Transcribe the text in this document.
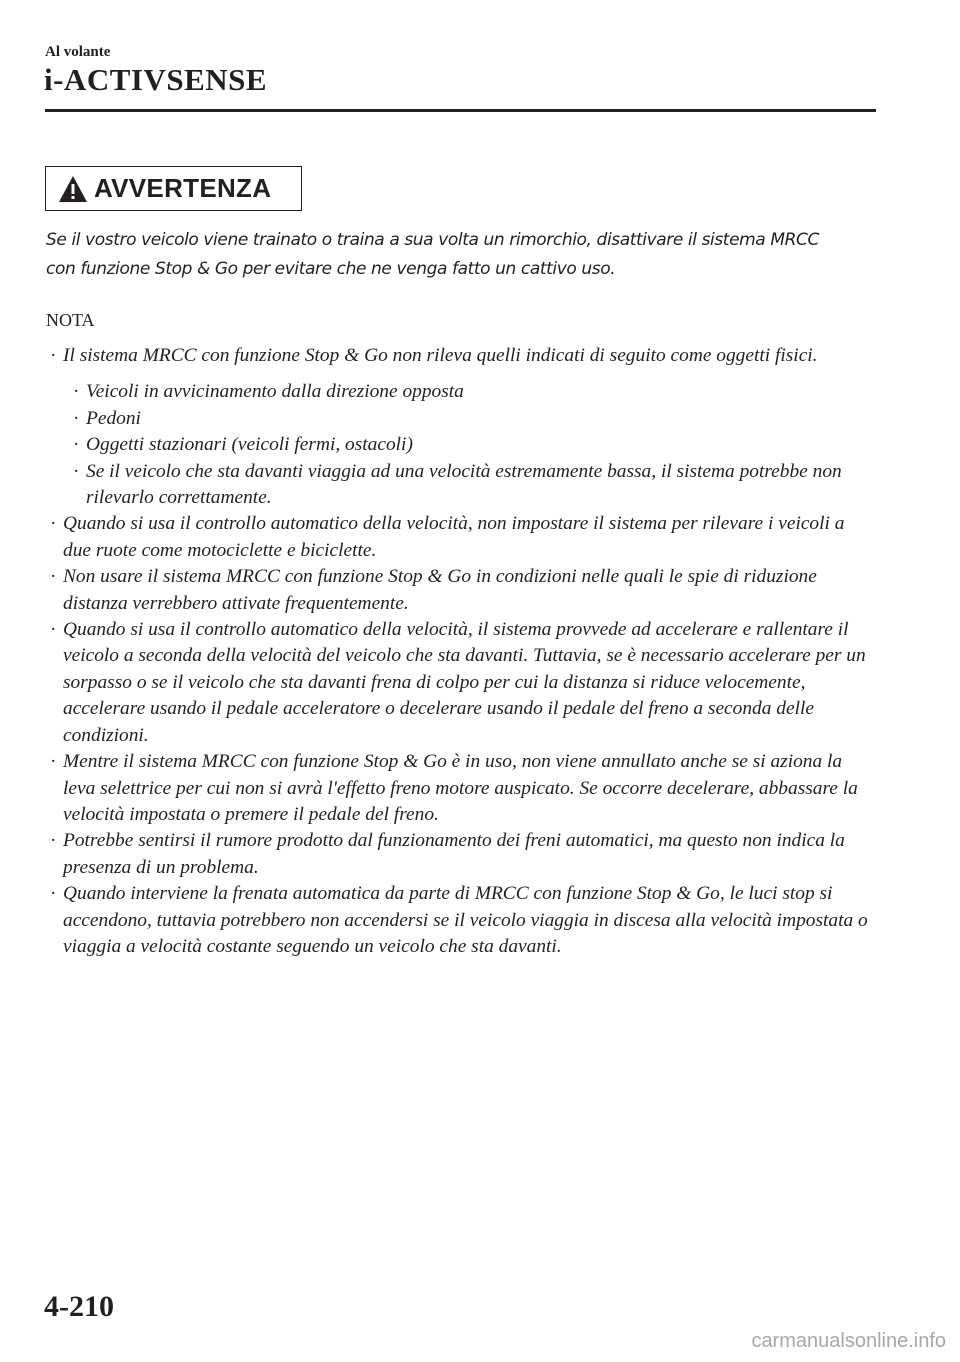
Al volante
i-ACTIVSENSE
AVVERTENZA
Se il vostro veicolo viene trainato o traina a sua volta un rimorchio, disattivare il sistema MRCC con funzione Stop & Go per evitare che ne venga fatto un cattivo uso.
NOTA
· Il sistema MRCC con funzione Stop & Go non rileva quelli indicati di seguito come oggetti fisici.
· Veicoli in avvicinamento dalla direzione opposta
· Pedoni
· Oggetti stazionari (veicoli fermi, ostacoli)
· Se il veicolo che sta davanti viaggia ad una velocità estremamente bassa, il sistema potrebbe non rilevarlo correttamente.
· Quando si usa il controllo automatico della velocità, non impostare il sistema per rilevare i veicoli a due ruote come motociclette e biciclette.
· Non usare il sistema MRCC con funzione Stop & Go in condizioni nelle quali le spie di riduzione distanza verrebbero attivate frequentemente.
· Quando si usa il controllo automatico della velocità, il sistema provvede ad accelerare e rallentare il veicolo a seconda della velocità del veicolo che sta davanti. Tuttavia, se è necessario accelerare per un sorpasso o se il veicolo che sta davanti frena di colpo per cui la distanza si riduce velocemente, accelerare usando il pedale acceleratore o decelerare usando il pedale del freno a seconda delle condizioni.
· Mentre il sistema MRCC con funzione Stop & Go è in uso, non viene annullato anche se si aziona la leva selettrice per cui non si avrà l'effetto freno motore auspicato. Se occorre decelerare, abbassare la velocità impostata o premere il pedale del freno.
· Potrebbe sentirsi il rumore prodotto dal funzionamento dei freni automatici, ma questo non indica la presenza di un problema.
· Quando interviene la frenata automatica da parte di MRCC con funzione Stop & Go, le luci stop si accendono, tuttavia potrebbero non accendersi se il veicolo viaggia in discesa alla velocità impostata o viaggia a velocità costante seguendo un veicolo che sta davanti.
4-210
carmanualsonline.info
